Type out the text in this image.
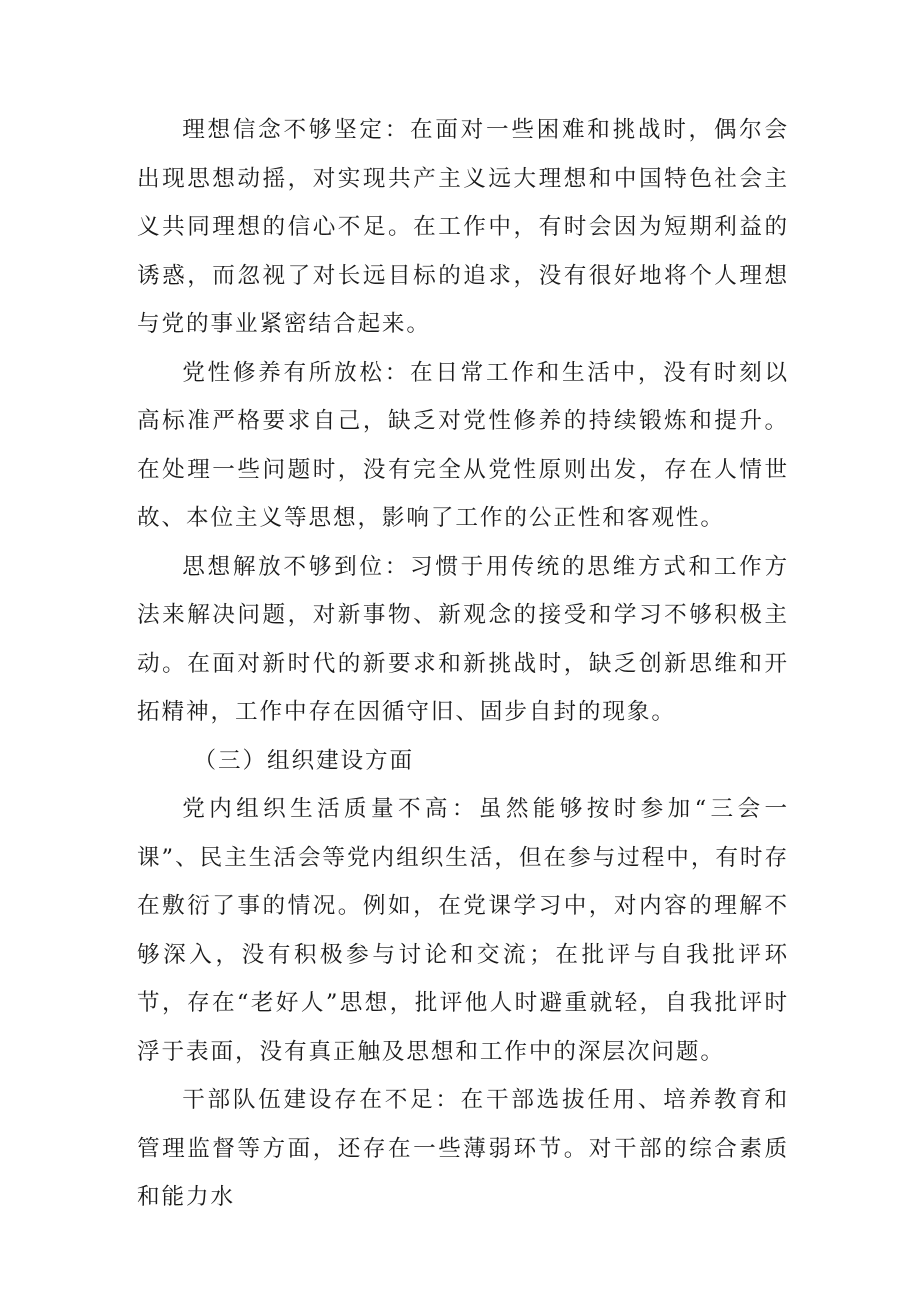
理想信念不够坚定：在面对一些困难和挑战时，偶尔会出现思想动摇，对实现共产主义远大理想和中国特色社会主义共同理想的信心不足。在工作中，有时会因为短期利益的诱惑，而忽视了对长远目标的追求，没有很好地将个人理想与党的事业紧密结合起来。

党性修养有所放松：在日常工作和生活中，没有时刻以高标准严格要求自己，缺乏对党性修养的持续锻炼和提升。在处理一些问题时，没有完全从党性原则出发，存在人情世故、本位主义等思想，影响了工作的公正性和客观性。

思想解放不够到位：习惯于用传统的思维方式和工作方法来解决问题，对新事物、新观念的接受和学习不够积极主动。在面对新时代的新要求和新挑战时，缺乏创新思维和开拓精神，工作中存在因循守旧、固步自封的现象。

（三）组织建设方面

党内组织生活质量不高：虽然能够按时参加“三会一课”、民主生活会等党内组织生活，但在参与过程中，有时存在敷衍了事的情况。例如，在党课学习中，对内容的理解不够深入，没有积极参与讨论和交流；在批评与自我批评环节，存在“老好人”思想，批评他人时避重就轻，自我批评时浮于表面，没有真正触及思想和工作中的深层次问题。

干部队伍建设存在不足：在干部选拔任用、培养教育和管理监督等方面，还存在一些薄弱环节。对干部的综合素质和能力水
